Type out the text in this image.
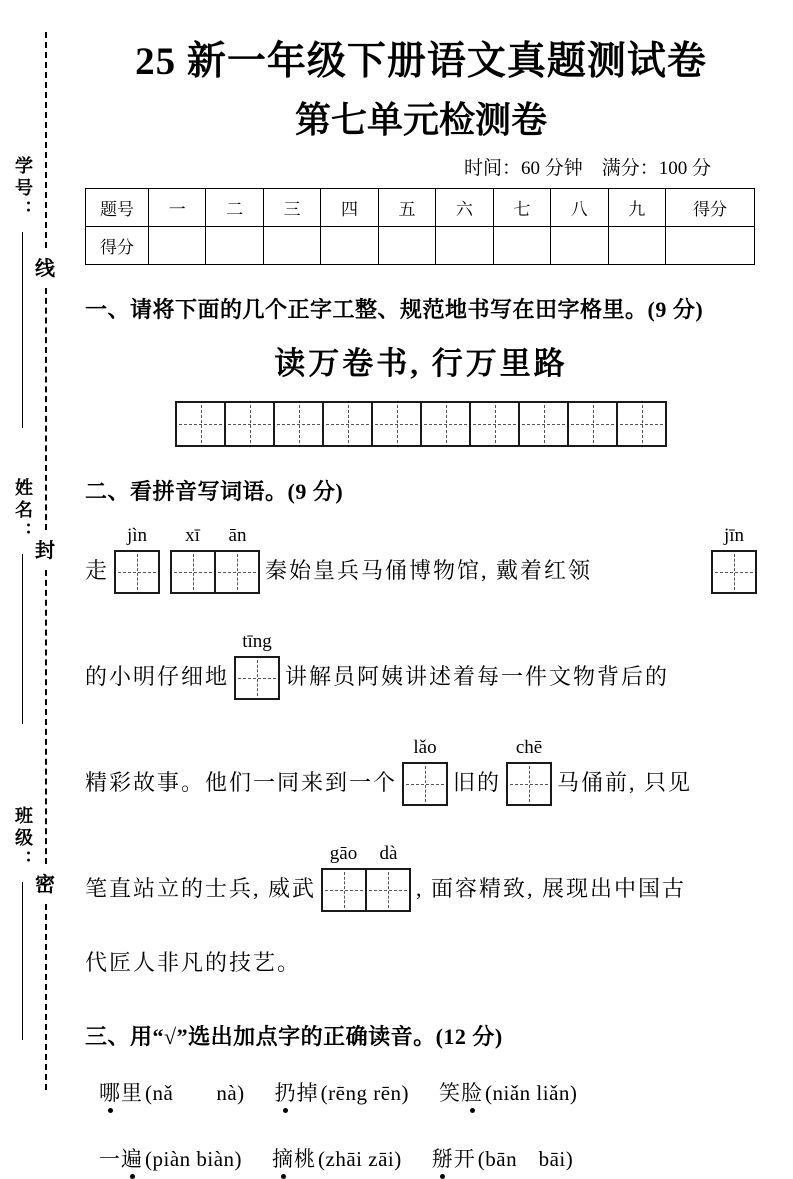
学号：
姓名：
班级：
线
封
密
25 新一年级下册语文真题测试卷
第七单元检测卷
时间：60 分钟　满分：100 分
题号	一	二	三	四	五	六	七	八	九	得分
得分										
一、请将下面的几个正字工整、规范地书写在田字格里。(9 分)
读万卷书, 行万里路
二、看拼音写词语。(9 分)
走
jìn	xī	ān
秦始皇兵马俑博物馆, 戴着红领
jīn
的小明仔细地
tīng
讲解员阿姨讲述着每一件文物背后的
精彩故事。他们一同来到一个
lǎo
旧的
chē
马俑前, 只见
笔直站立的士兵, 威武
gāo	dà
, 面容精致, 展现出中国古
代匠人非凡的技艺。
三、用“√”选出加点字的正确读音。(12 分)
哪里(nǎ　　nà) 扔掉(rēng rēn) 笑脸(niǎn liǎn)
一遍(piàn biàn) 摘桃(zhāi zāi) 掰开(bān　bāi)
